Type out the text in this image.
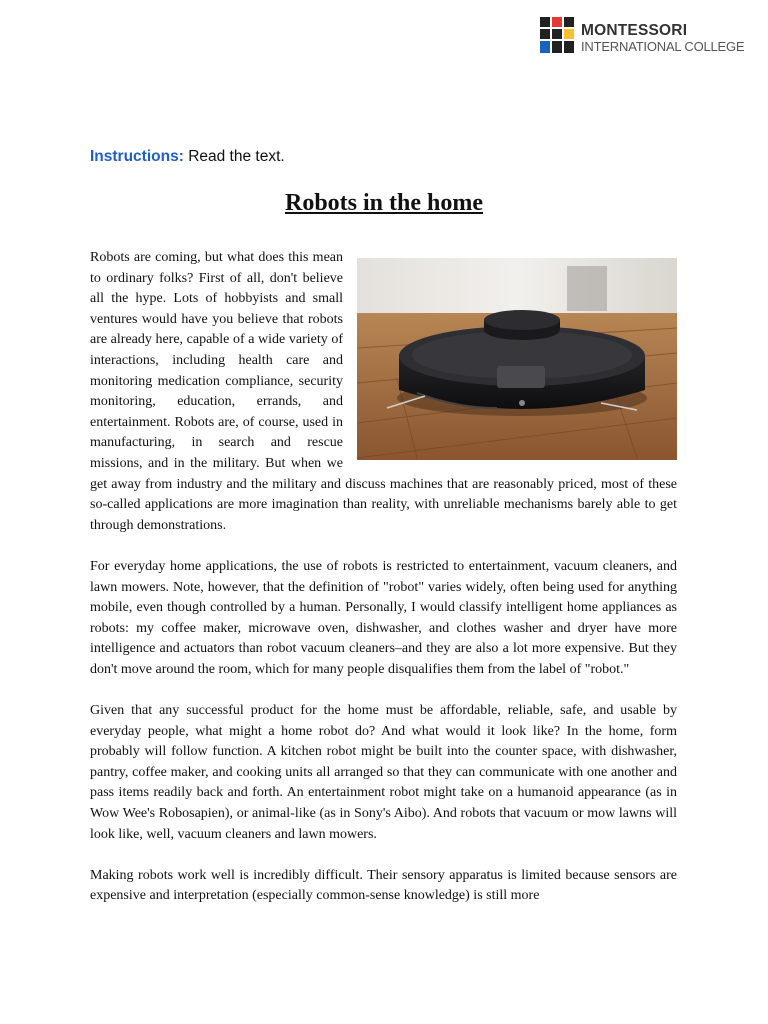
MONTESSORI
INTERNATIONAL COLLEGE
Instructions: Read the text.
Robots in the home

Robots are coming, but what does this mean to ordinary folks? First of all, don't believe all the hype. Lots of hobbyists and small ventures would have you believe that robots are already here, capable of a wide variety of interactions, including health care and monitoring medication compliance, security monitoring, education, errands, and entertainment. Robots are, of course, used in manufacturing, in search and rescue missions, and in the military. But when we get away from industry and the military and discuss machines that are reasonably priced, most of these so-called applications are more imagination than reality, with unreliable mechanisms barely able to get through demonstrations.

For everyday home applications, the use of robots is restricted to entertainment, vacuum cleaners, and lawn mowers. Note, however, that the definition of "robot" varies widely, often being used for anything mobile, even though controlled by a human. Personally, I would classify intelligent home appliances as robots: my coffee maker, microwave oven, dishwasher, and clothes washer and dryer have more intelligence and actuators than robot vacuum cleaners–and they are also a lot more expensive. But they don't move around the room, which for many people disqualifies them from the label of "robot."

Given that any successful product for the home must be affordable, reliable, safe, and usable by everyday people, what might a home robot do? And what would it look like? In the home, form probably will follow function. A kitchen robot might be built into the counter space, with dishwasher, pantry, coffee maker, and cooking units all arranged so that they can communicate with one another and pass items readily back and forth. An entertainment robot might take on a humanoid appearance (as in Wow Wee's Robosapien), or animal-like (as in Sony's Aibo). And robots that vacuum or mow lawns will look like, well, vacuum cleaners and lawn mowers.

Making robots work well is incredibly difficult. Their sensory apparatus is limited because sensors are expensive and interpretation (especially common-sense knowledge) is still more
